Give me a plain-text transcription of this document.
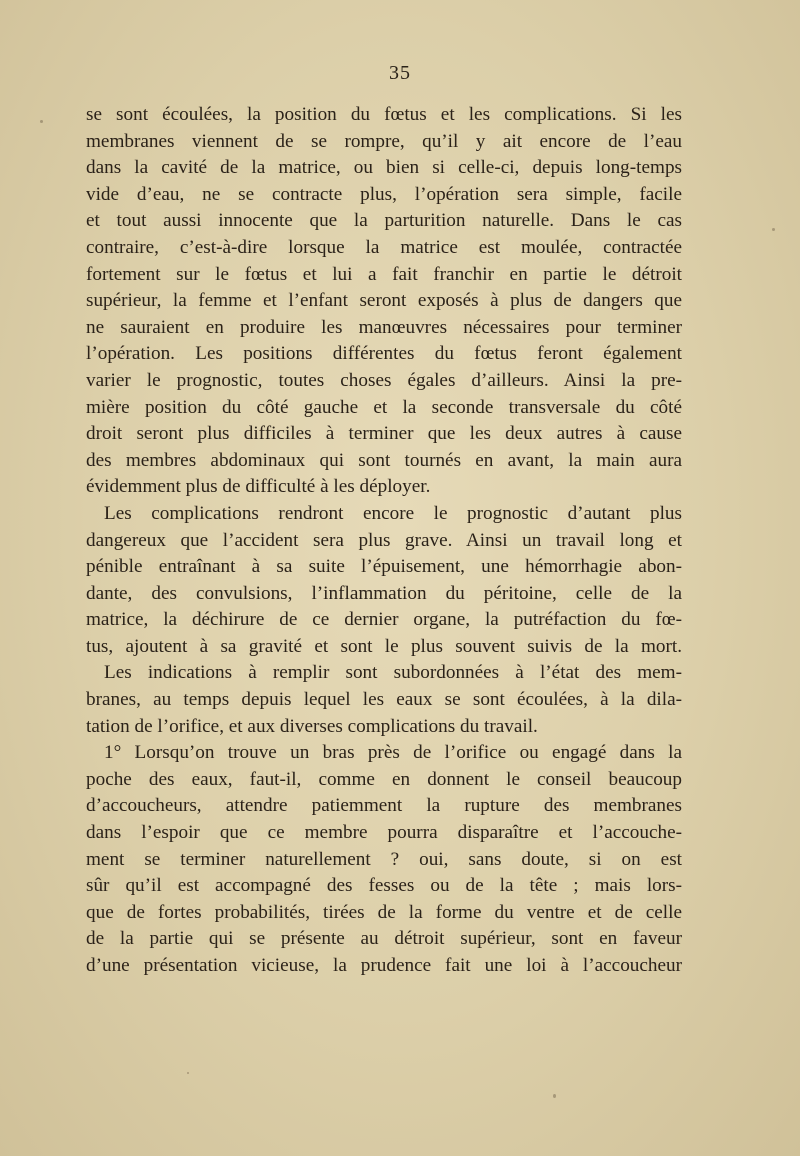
35
se sont écoulées, la position du fœtus et les complications. Si les
membranes viennent de se rompre, qu’il y ait encore de l’eau
dans la cavité de la matrice, ou bien si celle-ci, depuis long-temps
vide d’eau, ne se contracte plus, l’opération sera simple, facile
et tout aussi innocente que la parturition naturelle. Dans le cas
contraire, c’est-à-dire lorsque la matrice est moulée, contractée
fortement sur le fœtus et lui a fait franchir en partie le détroit
supérieur, la femme et l’enfant seront exposés à plus de dangers que
ne sauraient en produire les manœuvres nécessaires pour terminer
l’opération. Les positions différentes du fœtus feront également
varier le prognostic, toutes choses égales d’ailleurs. Ainsi la pre-
mière position du côté gauche et la seconde transversale du côté
droit seront plus difficiles à terminer que les deux autres à cause
des membres abdominaux qui sont tournés en avant, la main aura
évidemment plus de difficulté à les déployer.
Les complications rendront encore le prognostic d’autant plus
dangereux que l’accident sera plus grave. Ainsi un travail long et
pénible entraînant à sa suite l’épuisement, une hémorrhagie abon-
dante, des convulsions, l’inflammation du péritoine, celle de la
matrice, la déchirure de ce dernier organe, la putréfaction du fœ-
tus, ajoutent à sa gravité et sont le plus souvent suivis de la mort.
Les indications à remplir sont subordonnées à l’état des mem-
branes, au temps depuis lequel les eaux se sont écoulées, à la dila-
tation de l’orifice, et aux diverses complications du travail.
1° Lorsqu’on trouve un bras près de l’orifice ou engagé dans la
poche des eaux, faut-il, comme en donnent le conseil beaucoup
d’accoucheurs, attendre patiemment la rupture des membranes
dans l’espoir que ce membre pourra disparaître et l’accouche-
ment se terminer naturellement ? oui, sans doute, si on est
sûr qu’il est accompagné des fesses ou de la tête ; mais lors-
que de fortes probabilités, tirées de la forme du ventre et de celle
de la partie qui se présente au détroit supérieur, sont en faveur
d’une présentation vicieuse, la prudence fait une loi à l’accoucheur
